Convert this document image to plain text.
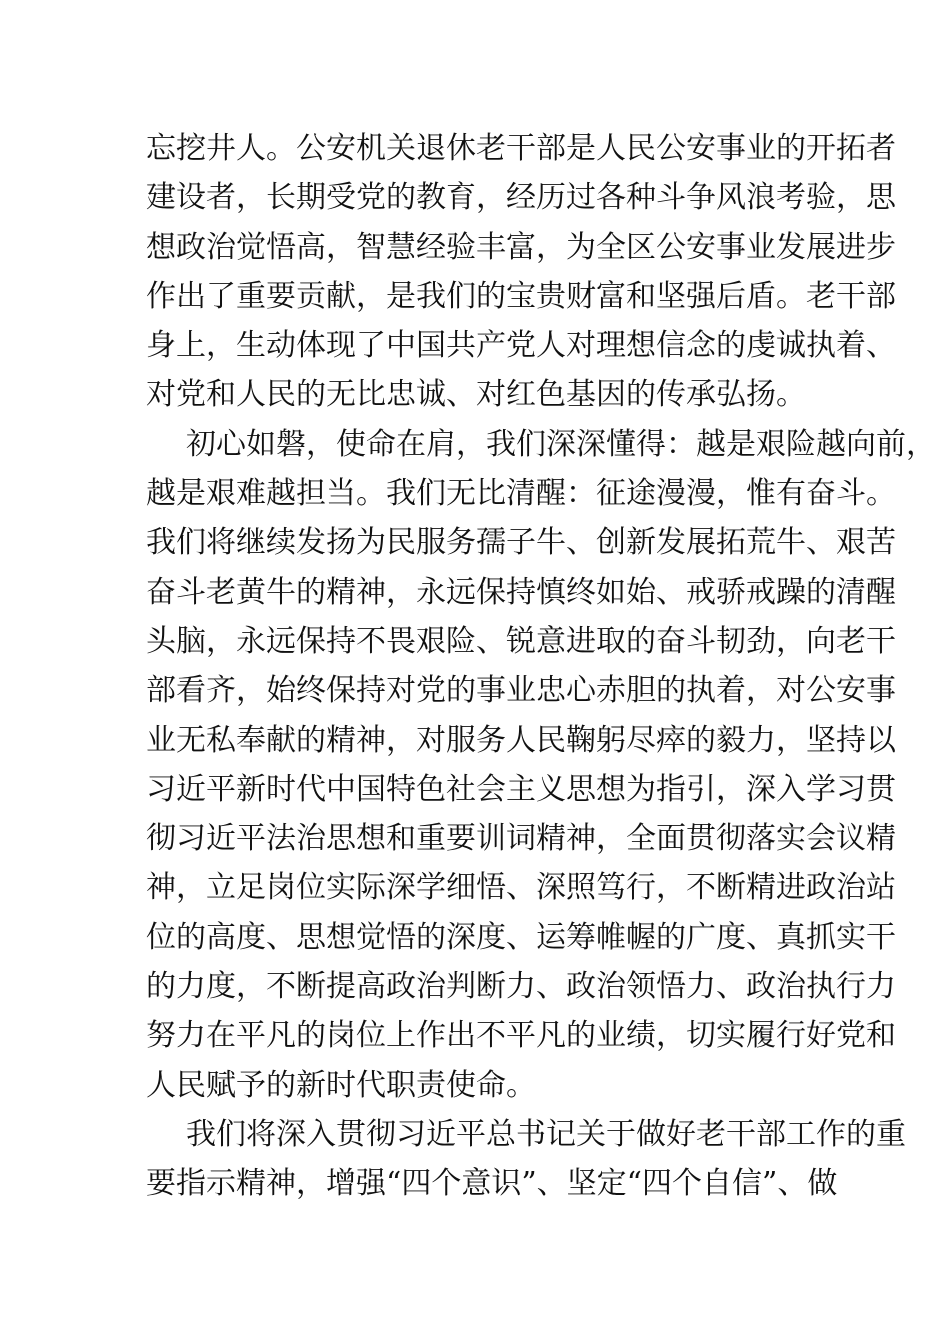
忘挖井人。公安机关退休老干部是人民公安事业的开拓者
建设者，长期受党的教育，经历过各种斗争风浪考验，思
想政治觉悟高，智慧经验丰富，为全区公安事业发展进步
作出了重要贡献，是我们的宝贵财富和坚强后盾。老干部
身上，生动体现了中国共产党人对理想信念的虔诚执着、
对党和人民的无比忠诚、对红色基因的传承弘扬。
初心如磐，使命在肩，我们深深懂得：越是艰险越向前，
越是艰难越担当。我们无比清醒：征途漫漫，惟有奋斗。
我们将继续发扬为民服务孺子牛、创新发展拓荒牛、艰苦
奋斗老黄牛的精神，永远保持慎终如始、戒骄戒躁的清醒
头脑，永远保持不畏艰险、锐意进取的奋斗韧劲，向老干
部看齐，始终保持对党的事业忠心赤胆的执着，对公安事
业无私奉献的精神，对服务人民鞠躬尽瘁的毅力，坚持以
习近平新时代中国特色社会主义思想为指引，深入学习贯
彻习近平法治思想和重要训词精神，全面贯彻落实会议精
神，立足岗位实际深学细悟、深照笃行，不断精进政治站
位的高度、思想觉悟的深度、运筹帷幄的广度、真抓实干
的力度，不断提高政治判断力、政治领悟力、政治执行力
努力在平凡的岗位上作出不平凡的业绩，切实履行好党和
人民赋予的新时代职责使命。
我们将深入贯彻习近平总书记关于做好老干部工作的重
要指示精神，增强“四个意识”、坚定“四个自信”、做
